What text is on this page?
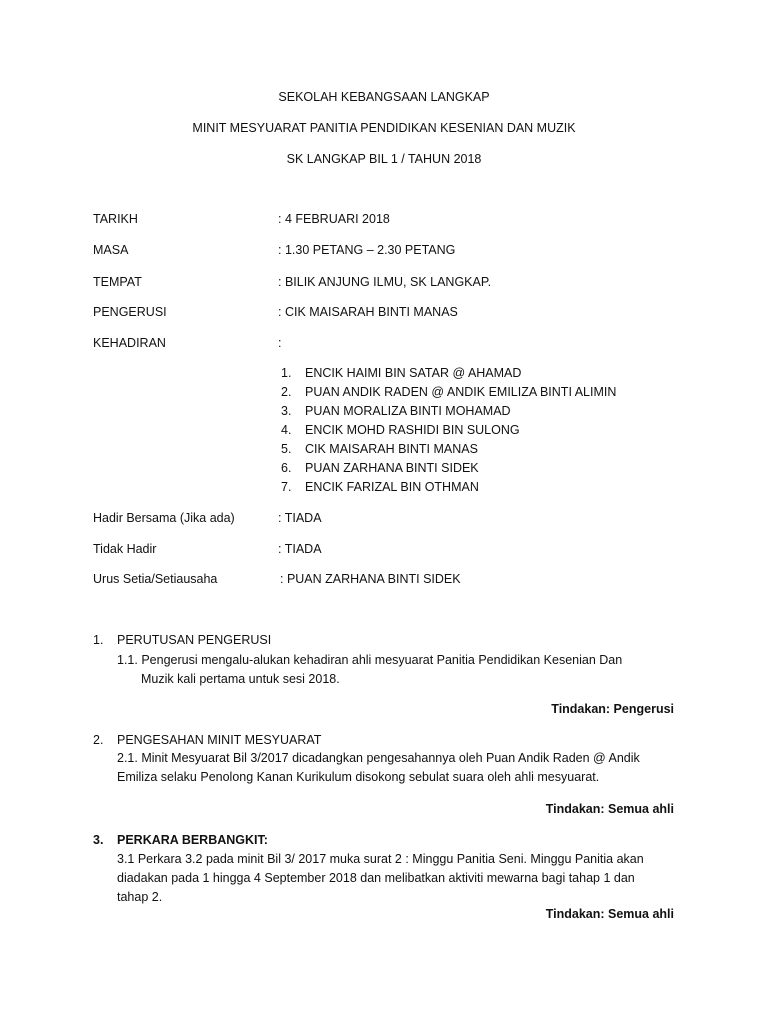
SEKOLAH KEBANGSAAN LANGKAP
MINIT MESYUARAT PANITIA PENDIDIKAN KESENIAN DAN MUZIK
SK LANGKAP BIL 1 / TAHUN 2018
TARIKH	: 4 FEBRUARI 2018
MASA	: 1.30 PETANG – 2.30 PETANG
TEMPAT	: BILIK ANJUNG ILMU, SK LANGKAP.
PENGERUSI	: CIK MAISARAH BINTI MANAS
KEHADIRAN	:
1. ENCIK HAIMI BIN SATAR @ AHAMAD
2. PUAN ANDIK RADEN @ ANDIK EMILIZA BINTI ALIMIN
3. PUAN MORALIZA BINTI MOHAMAD
4. ENCIK MOHD RASHIDI BIN SULONG
5. CIK MAISARAH BINTI MANAS
6. PUAN ZARHANA BINTI SIDEK
7. ENCIK FARIZAL BIN OTHMAN
Hadir Bersama (Jika ada)	: TIADA
Tidak Hadir	: TIADA
Urus Setia/Setiausaha	: PUAN ZARHANA BINTI SIDEK
1. PERUTUSAN PENGERUSI
1.1. Pengerusi mengalu-alukan kehadiran ahli mesyuarat Panitia Pendidikan Kesenian Dan
Muzik kali pertama untuk sesi 2018.
Tindakan: Pengerusi
2. PENGESAHAN MINIT MESYUARAT
2.1. Minit Mesyuarat Bil 3/2017 dicadangkan pengesahannya oleh Puan Andik Raden @ Andik
Emiliza selaku Penolong Kanan Kurikulum disokong sebulat suara oleh ahli mesyuarat.
Tindakan: Semua ahli
3. PERKARA BERBANGKIT:
3.1 Perkara 3.2 pada minit Bil 3/ 2017 muka surat 2 : Minggu Panitia Seni. Minggu Panitia akan
diadakan pada 1 hingga 4 September 2018 dan melibatkan aktiviti mewarna bagi tahap 1 dan
tahap 2.
Tindakan: Semua ahli
